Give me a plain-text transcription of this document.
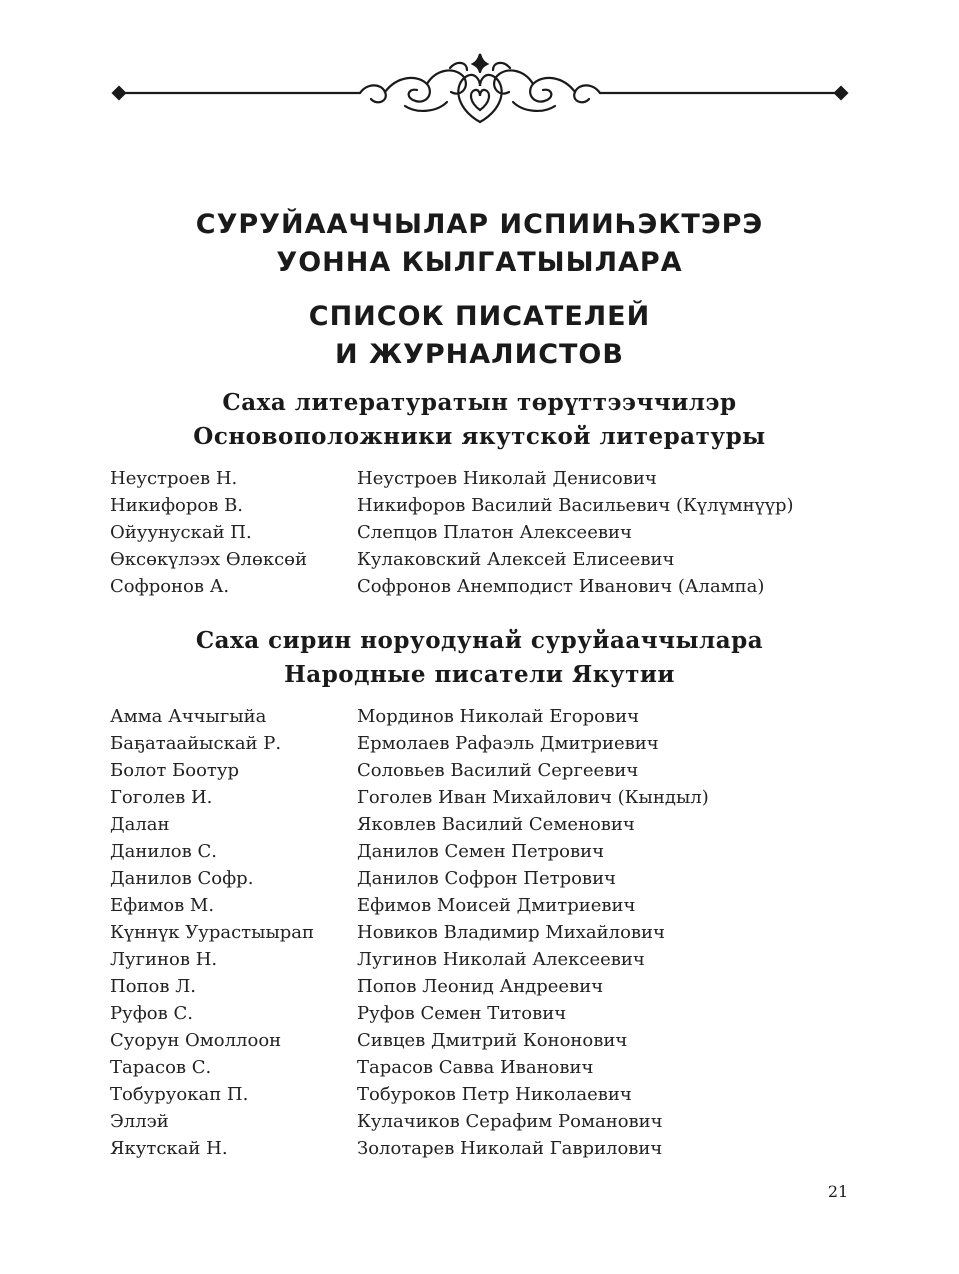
СУРУЙААЧЧЫЛАР ИСПИИҺЭКТЭРЭ
УОННА КЫЛГАТЫЫЛАРА
СПИСОК ПИСАТЕЛЕЙ
И ЖУРНАЛИСТОВ
Саха литературатын төрүттээччилэр
Основоположники якутской литературы
Неустроев Н.	Неустроев Николай Денисович
Никифоров В.	Никифоров Василий Васильевич (Күлүмнүүр)
Ойуунускай П.	Слепцов Платон Алексеевич
Өксөкүлээх Өлөксөй	Кулаковский Алексей Елисеевич
Софронов А.	Софронов Анемподист Иванович (Алампа)
Саха сирин норуодунай суруйааччылара
Народные писатели Якутии
Амма Аччыгыйа	Мординов Николай Егорович
Баҕатаайыскай Р.	Ермолаев Рафаэль Дмитриевич
Болот Боотур	Соловьев Василий Сергеевич
Гоголев И.	Гоголев Иван Михайлович (Кындыл)
Далан	Яковлев Василий Семенович
Данилов С.	Данилов Семен Петрович
Данилов Софр.	Данилов Софрон Петрович
Ефимов М.	Ефимов Моисей Дмитриевич
Күннүк Уурастыырап	Новиков Владимир Михайлович
Лугинов Н.	Лугинов Николай Алексеевич
Попов Л.	Попов Леонид Андреевич
Руфов С.	Руфов Семен Титович
Суорун Омоллоон	Сивцев Дмитрий Кононович
Тарасов С.	Тарасов Савва Иванович
Тобуруокап П.	Тобуроков Петр Николаевич
Эллэй	Кулачиков Серафим Романович
Якутскай Н.	Золотарев Николай Гаврилович
21
